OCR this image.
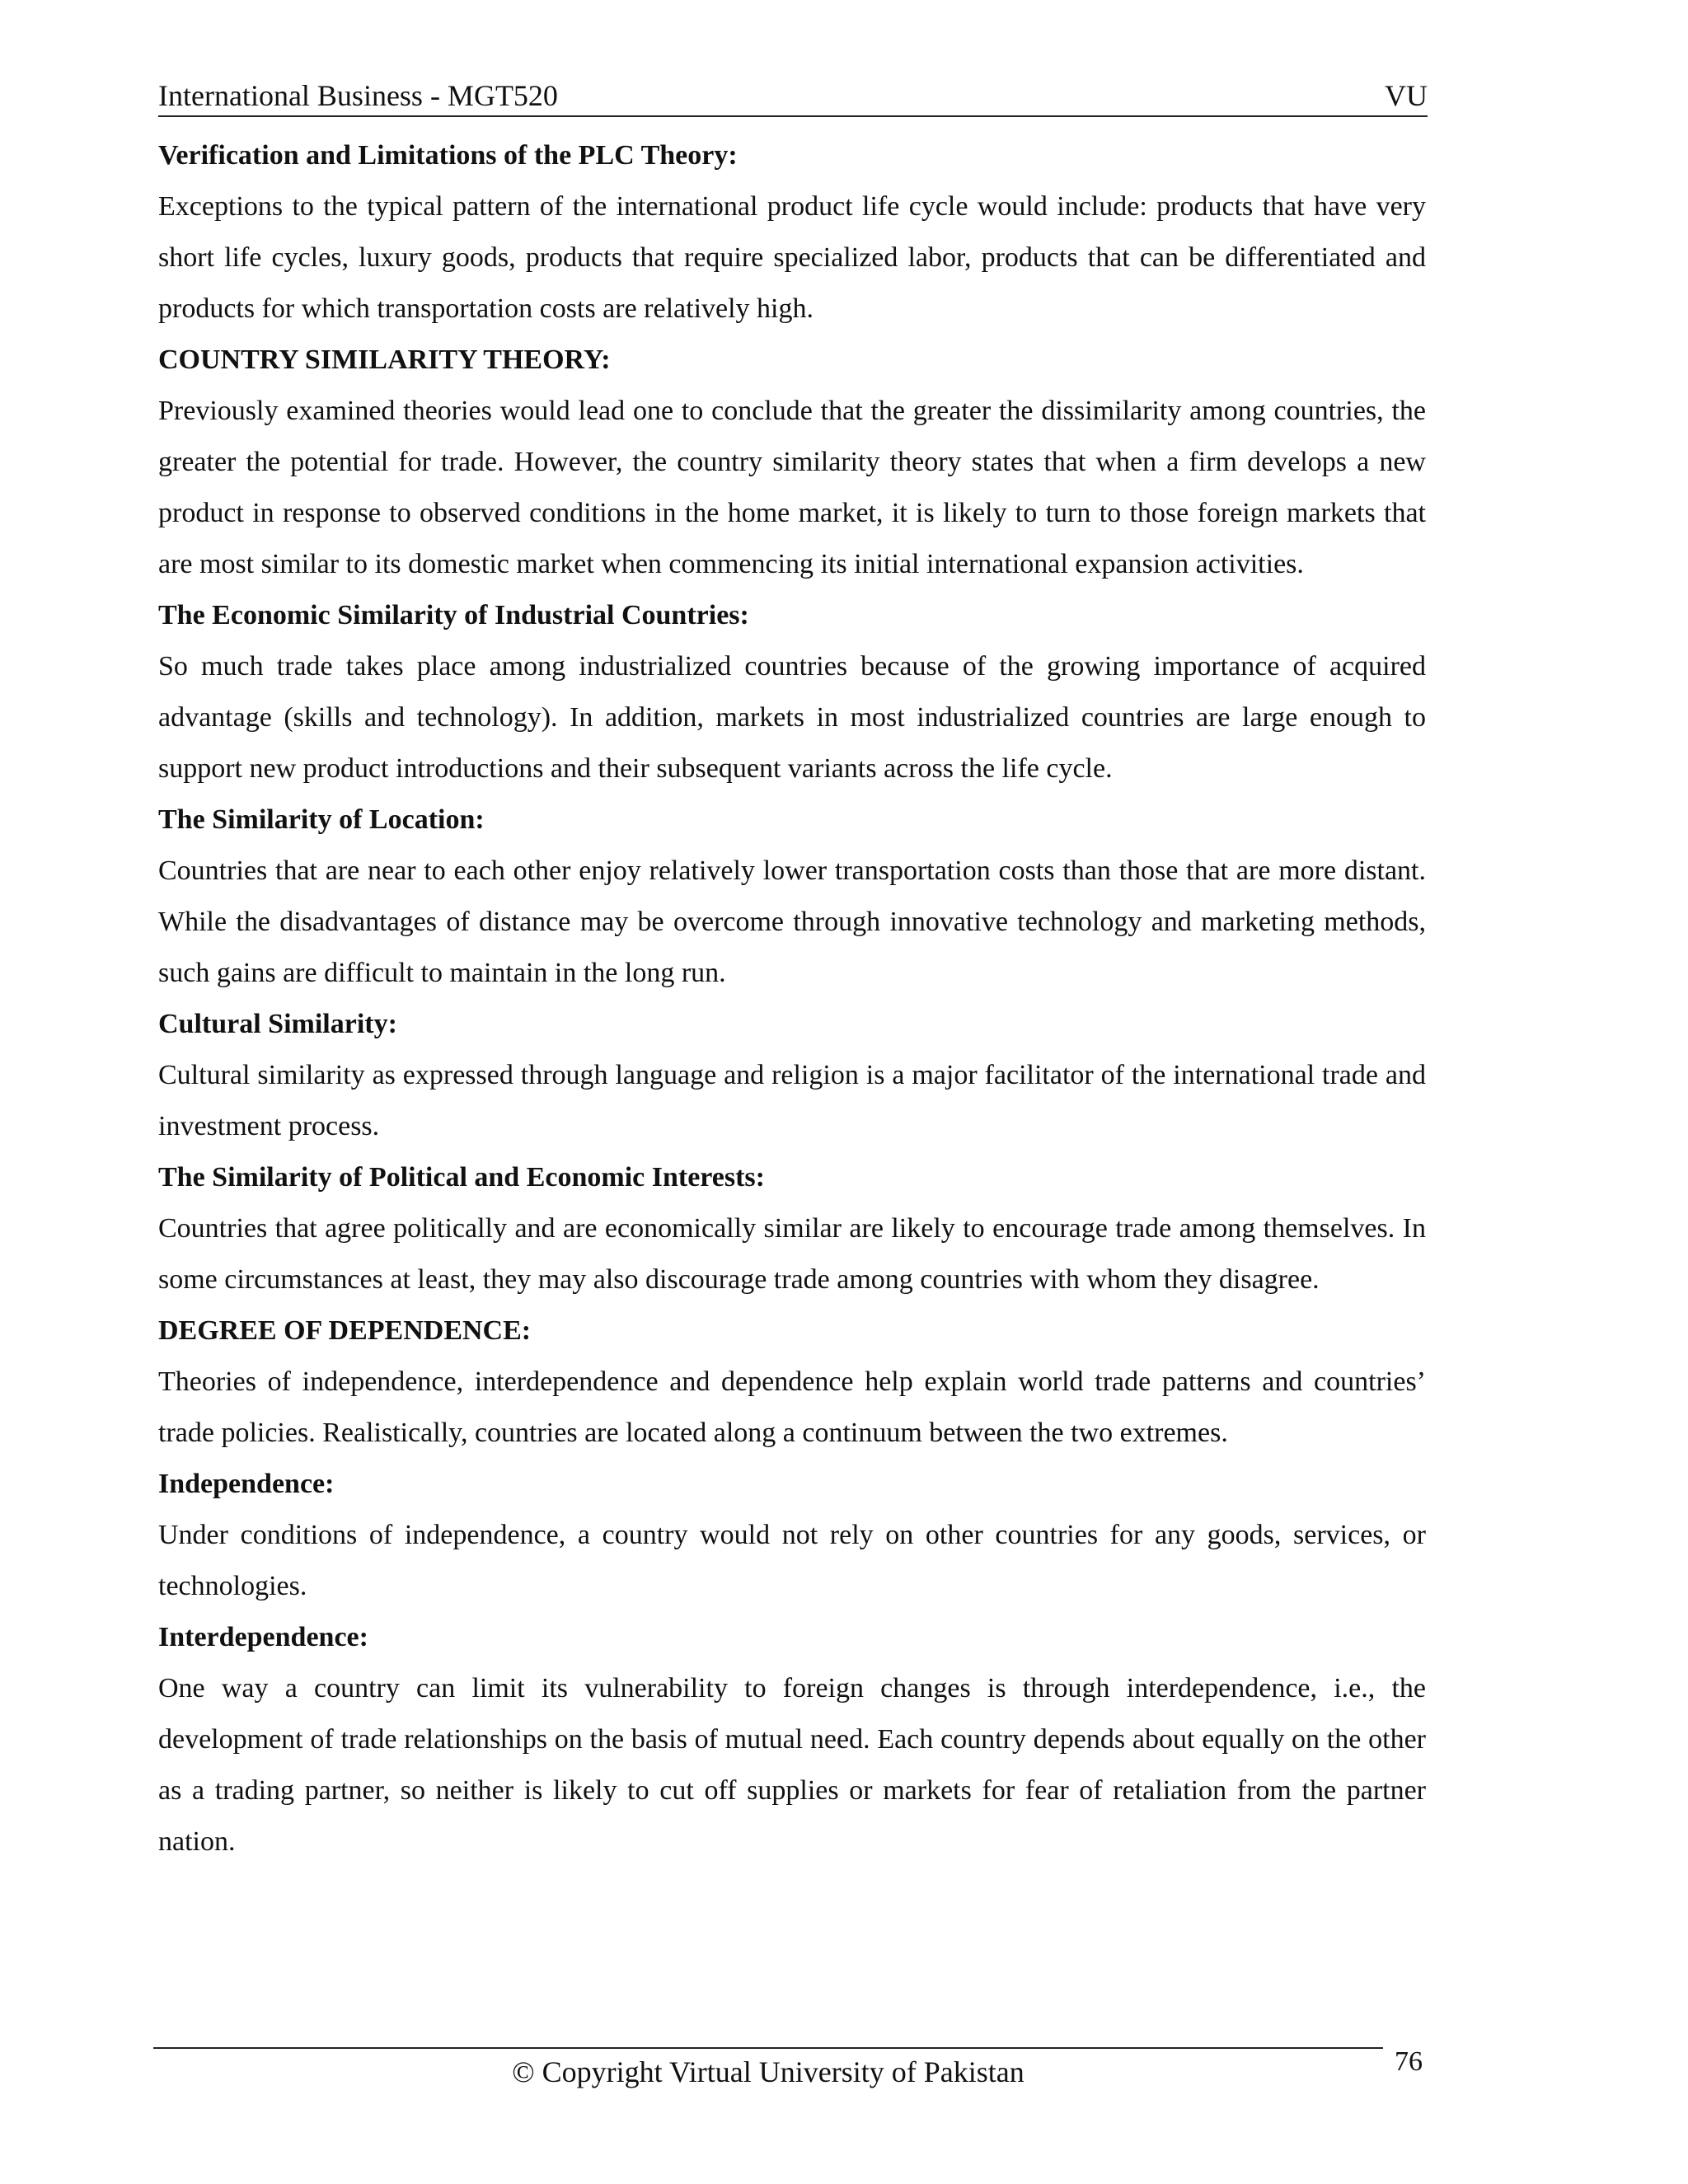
International Business - MGT520	VU
Verification and Limitations of the PLC Theory:

Exceptions to the typical pattern of the international product life cycle would include: products that have very short life cycles, luxury goods, products that require specialized labor, products that can be differentiated and products for which transportation costs are relatively high.

COUNTRY SIMILARITY THEORY:

Previously examined theories would lead one to conclude that the greater the dissimilarity among countries, the greater the potential for trade. However, the country similarity theory states that when a firm develops a new product in response to observed conditions in the home market, it is likely to turn to those foreign markets that are most similar to its domestic market when commencing its initial international expansion activities.

The Economic Similarity of Industrial Countries:

So much trade takes place among industrialized countries because of the growing importance of acquired advantage (skills and technology). In addition, markets in most industrialized countries are large enough to support new product introductions and their subsequent variants across the life cycle.

The Similarity of Location:

Countries that are near to each other enjoy relatively lower transportation costs than those that are more distant. While the disadvantages of distance may be overcome through innovative technology and marketing methods, such gains are difficult to maintain in the long run.

Cultural Similarity:

Cultural similarity as expressed through language and religion is a major facilitator of the international trade and investment process.

The Similarity of Political and Economic Interests:

Countries that agree politically and are economically similar are likely to encourage trade among themselves. In some circumstances at least, they may also discourage trade among countries with whom they disagree.

DEGREE OF DEPENDENCE:

Theories of independence, interdependence and dependence help explain world trade patterns and countries’ trade policies. Realistically, countries are located along a continuum between the two extremes.

Independence:

Under conditions of independence, a country would not rely on other countries for any goods, services, or technologies.

Interdependence:

One way a country can limit its vulnerability to foreign changes is through interdependence, i.e., the development of trade relationships on the basis of mutual need. Each country depends about equally on the other as a trading partner, so neither is likely to cut off supplies or markets for fear of retaliation from the partner nation.

© Copyright Virtual University of Pakistan	76
